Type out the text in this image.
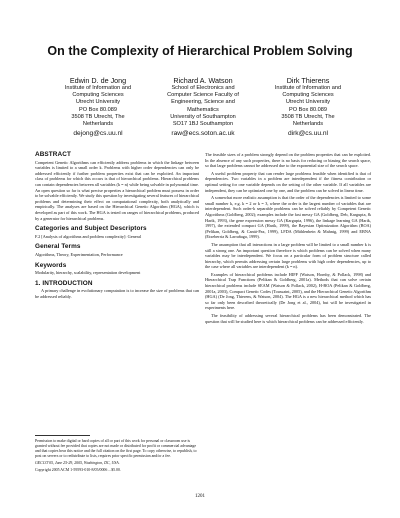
On the Complexity of Hierarchical Problem Solving
Edwin D. de Jong
Institute of Information and
Computing Sciences
Utrecht University
PO Box 80.089
3508 TB Utrecht, The
Netherlands
dejong@cs.uu.nl
Richard A. Watson
School of Electronics and
Computer Science Faculty of
Engineering, Science and
Mathematics
University of Southampton
SO17 1BJ Southampton
raw@ecs.soton.ac.uk
Dirk Thierens
Institute of Information and
Computing Sciences
Utrecht University
PO Box 80.089
3508 TB Utrecht, The
Netherlands
dirk@cs.uu.nl
ABSTRACT

Competent Genetic Algorithms can efficiently address problems in which the linkage between variables is limited to a small order k. Problems with higher order dependencies can only be addressed efficiently if further problem properties exist that can be exploited. An important class of problems for which this occurs is that of hierarchical problems. Hierarchical problems can contain dependencies between all variables (k = n) while being solvable in polynomial time. An open question so far is what precise properties a hierarchical problem must possess in order to be solvable efficiently. We study this question by investigating several features of hierarchical problems and determining their effect on computational complexity, both analytically and empirically. The analyses are based on the Hierarchical Genetic Algorithm (HGA), which is developed as part of this work. The HGA is tested on ranges of hierarchical problems, produced by a generator for hierarchical problems.

Categories and Subject Descriptors

F.2 [Analysis of algorithms and problem complexity]: General

General Terms

Algorithms, Theory, Experimentation, Performance

Keywords

Modularity, hierarchy, scalability, representation development

1. INTRODUCTION

A primary challenge in evolutionary computation is to increase the size of problems that can be addressed reliably.

Permission to make digital or hard copies of all or part of this work for personal or classroom use is granted without fee provided that copies are not made or distributed for profit or commercial advantage and that copies bear this notice and the full citation on the first page. To copy otherwise, to republish, to post on servers or to redistribute to lists, requires prior specific permission and/or a fee.

GECCO'05, June 25-29, 2005, Washington, DC, USA.

Copyright 2005 ACM 1-59593-010-8/05/0006 ...$5.00.

The feasible sizes of a problem strongly depend on the problem properties that can be exploited. In the absence of any such properties, there is no basis for reducing or biasing the search space, so that large problems cannot be addressed due to the exponential size of the search space.

A useful problem property that can render large problems feasible when identified is that of dependencies. Two variables in a problem are interdependent if the fitness contribution or optimal setting for one variable depends on the setting of the other variable. If all variables are independent, they can be optimized one by one, and the problem can be solved in linear time.

A somewhat more realistic assumption is that the order of the dependencies is limited to some small number k, e.g. k = 2 or k = 3, where the order is the largest number of variables that are interdependent. Such order-k separable problems can be solved reliably by Competent Genetic Algorithms (Goldberg, 2002); examples include the fast messy GA (Goldberg, Deb, Kargupta, & Harik, 1993), the gene expression messy GA (Kargupta, 1996), the linkage learning GA (Harik, 1997), the extended compact GA (Harik, 1999), the Bayesian Optimization Algorithm (BOA) (Pelikan, Goldberg, & Cantú-Paz, 1999), LFDA (Mühlenbein & Mahnig, 1999) and EBNA (Etxeberria & Larrañaga, 1999).

The assumption that all interactions in a large problem will be limited to a small number k is still a strong one. An important question therefore is which problems can be solved when many variables may be interdependent. We focus on a particular form of problem structure called hierarchy, which permits addressing certain large problems with high order dependencies, up to the case where all variables are interdependent (k = n).

Examples of hierarchical problems include HIFF (Watson, Hornby, & Pollack, 1998) and Hierarchical Trap Functions (Pelikan & Goldberg, 2001a). Methods that can solve certain hierarchical problems include SEAM (Watson & Pollack, 2002), H-BOA (Pelikan & Goldberg, 2001a, 2003), Compact Genetic Codes (Toussaint, 2005), and the Hierarchical Genetic Algorithm (HGA) (De Jong, Thierens, & Watson, 2004). The HGA is a new hierarchical method which has so far only been described theoretically (De Jong et al., 2004), but will be investigated in experiments here.

The feasibility of addressing several hierarchical problems has been demonstrated. The question that will be studied here is which hierarchical problems can be addressed efficiently.

1201
